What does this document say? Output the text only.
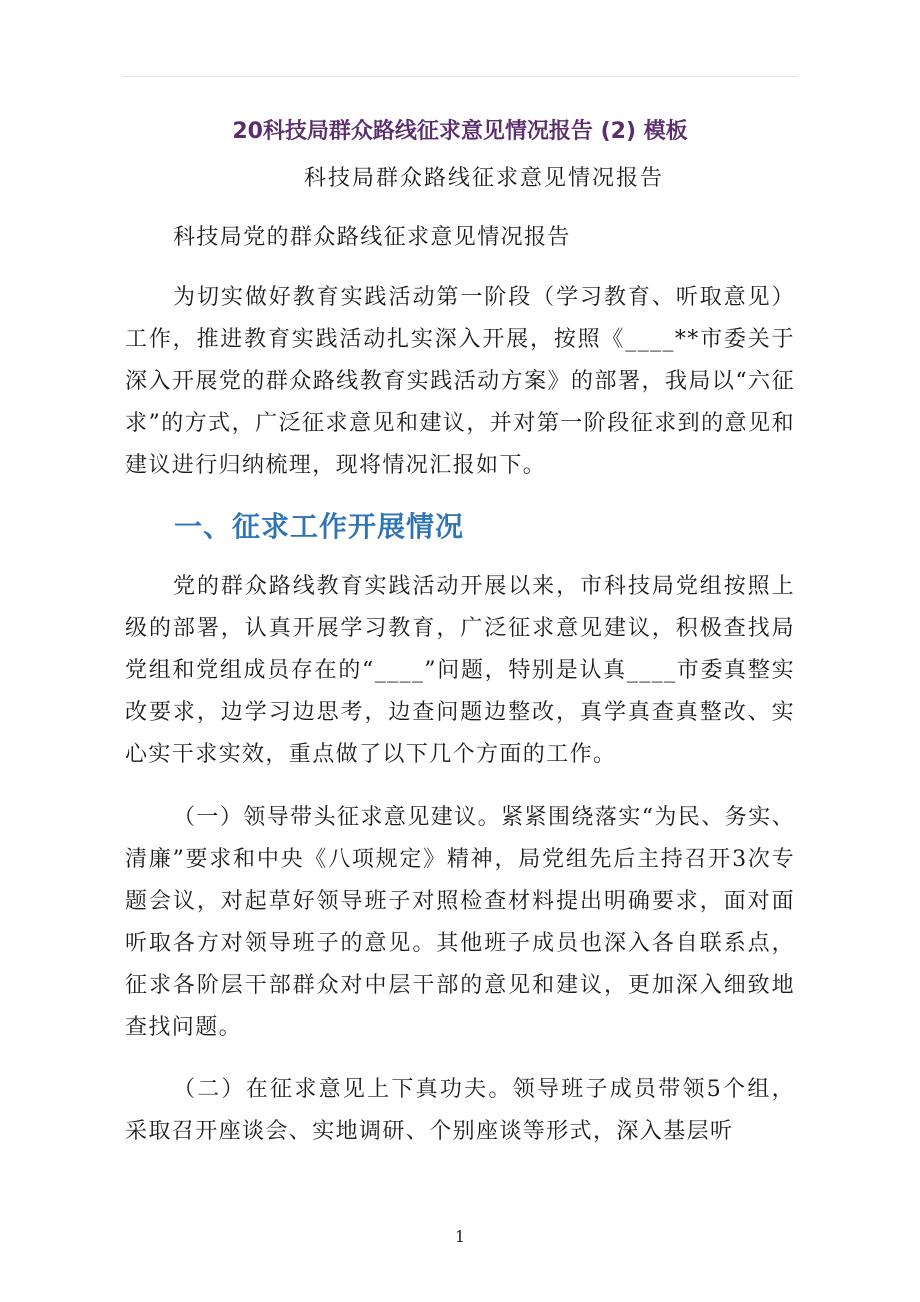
20科技局群众路线征求意见情况报告 (2) 模板
科技局群众路线征求意见情况报告

科技局党的群众路线征求意见情况报告

为切实做好教育实践活动第一阶段（学习教育、听取意见）工作，推进教育实践活动扎实深入开展，按照《____**市委关于深入开展党的群众路线教育实践活动方案》的部署，我局以“六征求”的方式，广泛征求意见和建议，并对第一阶段征求到的意见和建议进行归纳梳理，现将情况汇报如下。

一、征求工作开展情况

党的群众路线教育实践活动开展以来，市科技局党组按照上级的部署，认真开展学习教育，广泛征求意见建议，积极查找局党组和党组成员存在的“____”问题，特别是认真____市委真整实改要求，边学习边思考，边查问题边整改，真学真查真整改、实心实干求实效，重点做了以下几个方面的工作。

（一）领导带头征求意见建议。紧紧围绕落实“为民、务实、清廉”要求和中央《八项规定》精神，局党组先后主持召开3次专题会议，对起草好领导班子对照检查材料提出明确要求，面对面听取各方对领导班子的意见。其他班子成员也深入各自联系点，征求各阶层干部群众对中层干部的意见和建议，更加深入细致地查找问题。

（二）在征求意见上下真功夫。领导班子成员带领5个组，采取召开座谈会、实地调研、个别座谈等形式，深入基层听

1
